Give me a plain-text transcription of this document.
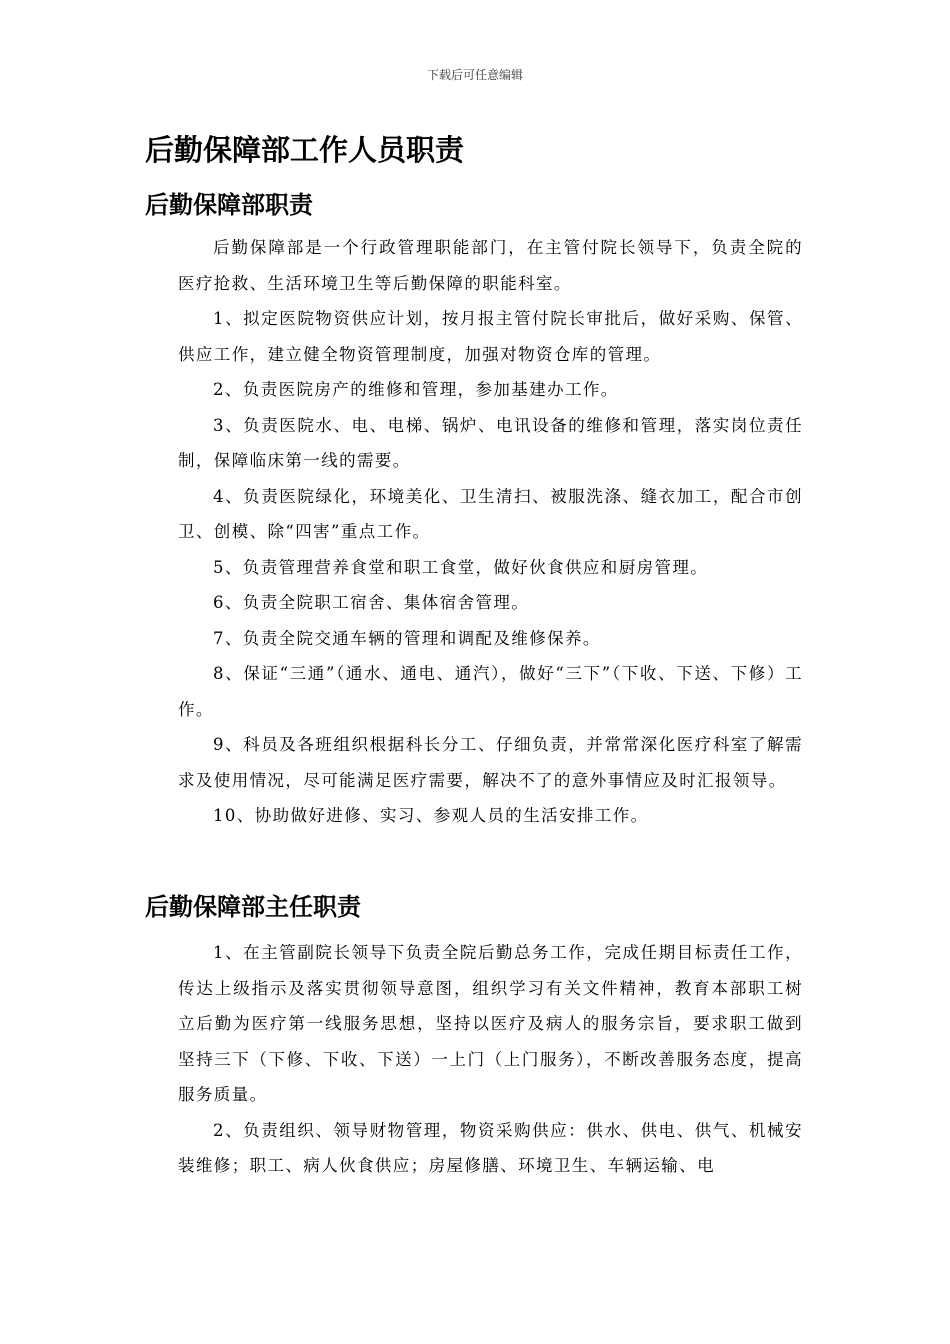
下载后可任意编辑
后勤保障部工作人员职责
后勤保障部职责

后勤保障部是一个行政管理职能部门，在主管付院长领导下，负责全院的医疗抢救、生活环境卫生等后勤保障的职能科室。

1、拟定医院物资供应计划，按月报主管付院长审批后，做好采购、保管、供应工作，建立健全物资管理制度，加强对物资仓库的管理。

2、负责医院房产的维修和管理，参加基建办工作。

3、负责医院水、电、电梯、锅炉、电讯设备的维修和管理，落实岗位责任制，保障临床第一线的需要。

4、负责医院绿化，环境美化、卫生清扫、被服洗涤、缝衣加工，配合市创卫、创模、除“四害”重点工作。

5、负责管理营养食堂和职工食堂，做好伙食供应和厨房管理。

6、负责全院职工宿舍、集体宿舍管理。

7、负责全院交通车辆的管理和调配及维修保养。

8、保证“三通”（通水、通电、通汽），做好“三下”（下收、下送、下修）工作。

9、科员及各班组织根据科长分工、仔细负责，并常常深化医疗科室了解需求及使用情况，尽可能满足医疗需要，解决不了的意外事情应及时汇报领导。

10、协助做好进修、实习、参观人员的生活安排工作。

后勤保障部主任职责

1、在主管副院长领导下负责全院后勤总务工作，完成任期目标责任工作，传达上级指示及落实贯彻领导意图，组织学习有关文件精神，教育本部职工树立后勤为医疗第一线服务思想，坚持以医疗及病人的服务宗旨，要求职工做到坚持三下（下修、下收、下送）一上门（上门服务），不断改善服务态度，提高服务质量。

2、负责组织、领导财物管理，物资采购供应：供水、供电、供气、机械安装维修；职工、病人伙食供应；房屋修膳、环境卫生、车辆运输、电
